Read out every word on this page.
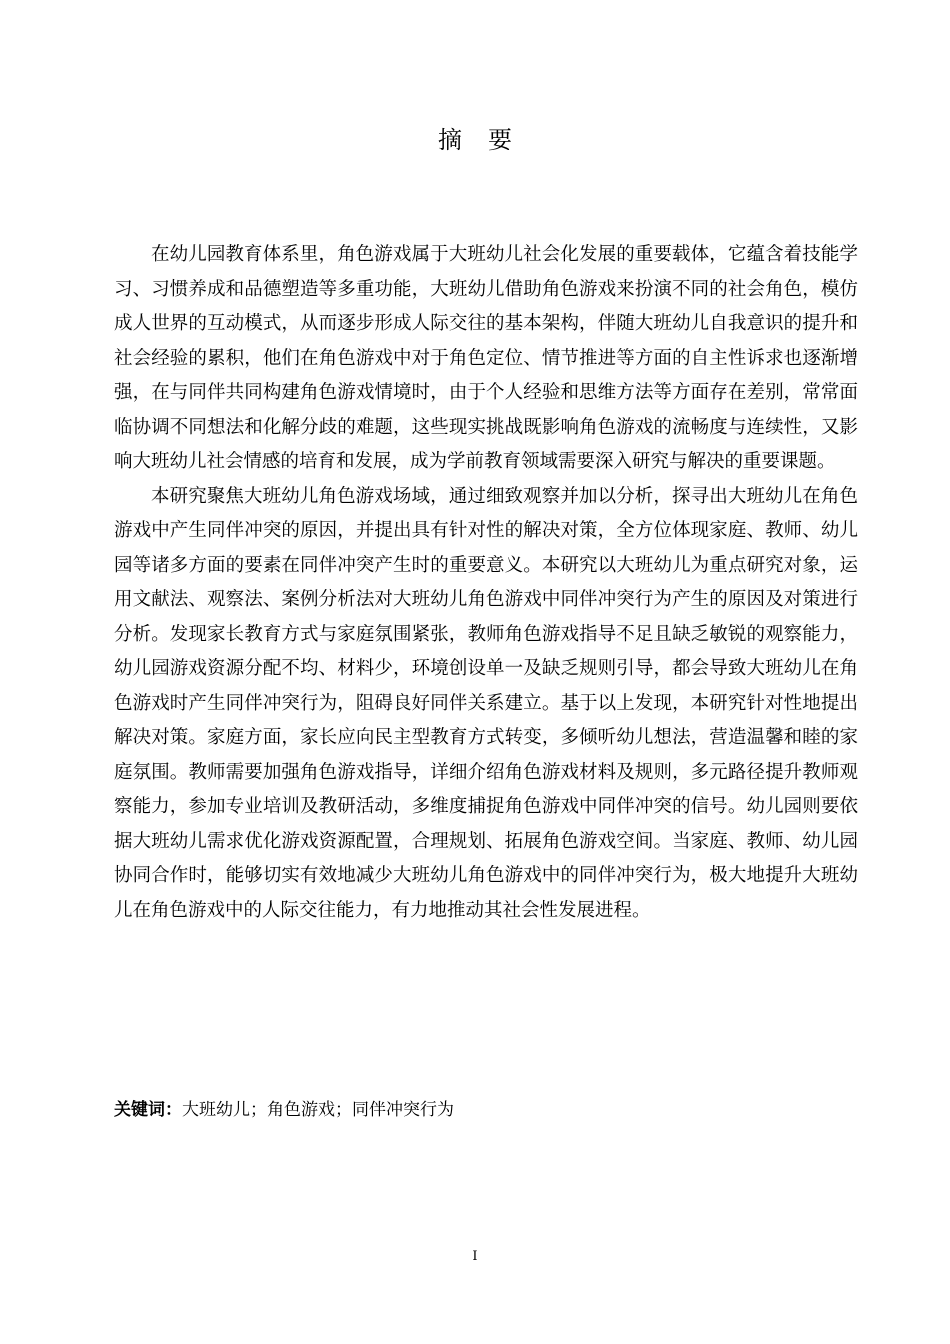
摘要

在幼儿园教育体系里，角色游戏属于大班幼儿社会化发展的重要载体，它蕴含着技能学习、习惯养成和品德塑造等多重功能，大班幼儿借助角色游戏来扮演不同的社会角色，模仿成人世界的互动模式，从而逐步形成人际交往的基本架构，伴随大班幼儿自我意识的提升和社会经验的累积，他们在角色游戏中对于角色定位、情节推进等方面的自主性诉求也逐渐增强，在与同伴共同构建角色游戏情境时，由于个人经验和思维方法等方面存在差别，常常面临协调不同想法和化解分歧的难题，这些现实挑战既影响角色游戏的流畅度与连续性，又影响大班幼儿社会情感的培育和发展，成为学前教育领域需要深入研究与解决的重要课题。

本研究聚焦大班幼儿角色游戏场域，通过细致观察并加以分析，探寻出大班幼儿在角色游戏中产生同伴冲突的原因，并提出具有针对性的解决对策，全方位体现家庭、教师、幼儿园等诸多方面的要素在同伴冲突产生时的重要意义。本研究以大班幼儿为重点研究对象，运用文献法、观察法、案例分析法对大班幼儿角色游戏中同伴冲突行为产生的原因及对策进行分析。发现家长教育方式与家庭氛围紧张，教师角色游戏指导不足且缺乏敏锐的观察能力，幼儿园游戏资源分配不均、材料少，环境创设单一及缺乏规则引导，都会导致大班幼儿在角色游戏时产生同伴冲突行为，阻碍良好同伴关系建立。基于以上发现，本研究针对性地提出解决对策。家庭方面，家长应向民主型教育方式转变，多倾听幼儿想法，营造温馨和睦的家庭氛围。教师需要加强角色游戏指导，详细介绍角色游戏材料及规则，多元路径提升教师观察能力，参加专业培训及教研活动，多维度捕捉角色游戏中同伴冲突的信号。幼儿园则要依据大班幼儿需求优化游戏资源配置，合理规划、拓展角色游戏空间。当家庭、教师、幼儿园协同合作时，能够切实有效地减少大班幼儿角色游戏中的同伴冲突行为，极大地提升大班幼儿在角色游戏中的人际交往能力，有力地推动其社会性发展进程。

关键词：大班幼儿；角色游戏；同伴冲突行为
I
